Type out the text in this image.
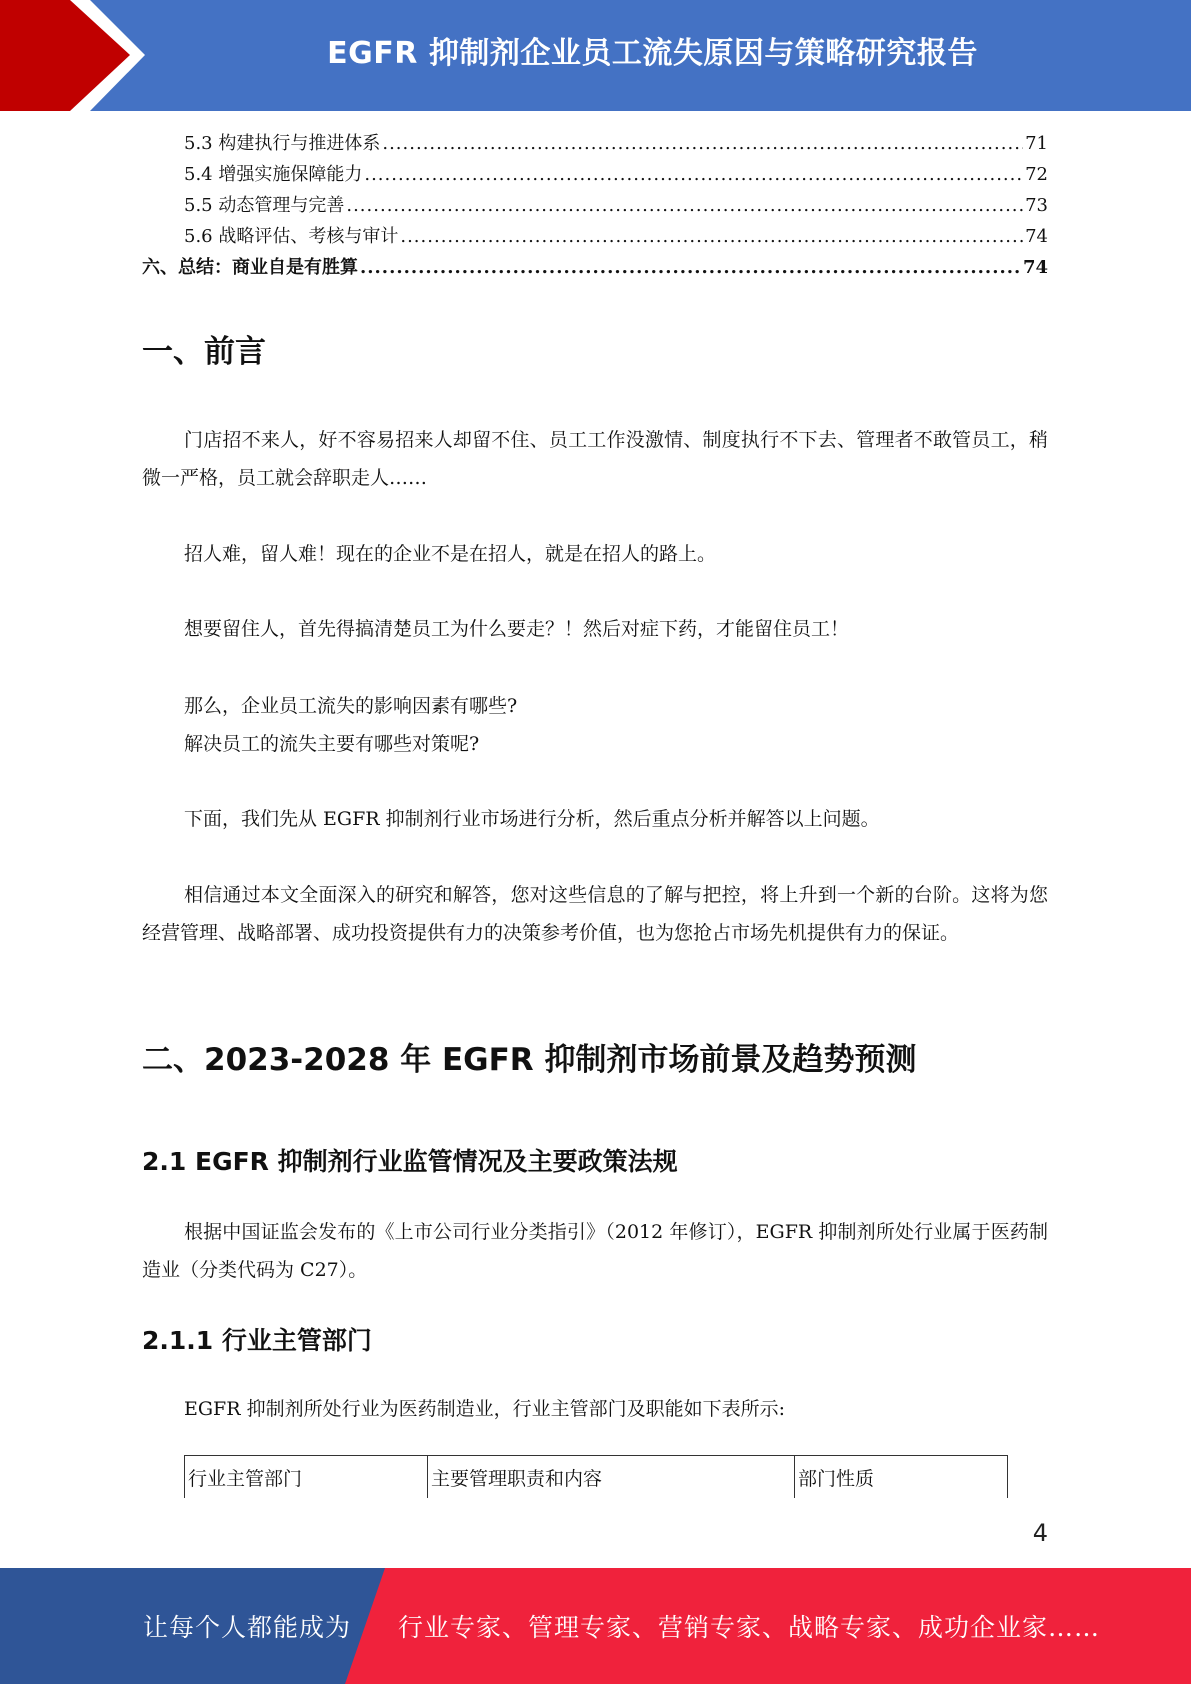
EGFR 抑制剂企业员工流失原因与策略研究报告
5.3 构建执行与推进体系 .....	71
5.4 增强实施保障能力 .....	72
5.5 动态管理与完善 .....	73
5.6 战略评估、考核与审计 .....	74
六、总结：商业自是有胜算 .....	74
一、前言

门店招不来人，好不容易招来人却留不住、员工工作没激情、制度执行不下去、管理者不敢管员工，稍微一严格，员工就会辞职走人……

招人难，留人难！现在的企业不是在招人，就是在招人的路上。

想要留住人，首先得搞清楚员工为什么要走？！然后对症下药，才能留住员工！

那么，企业员工流失的影响因素有哪些?

解决员工的流失主要有哪些对策呢?

下面，我们先从 EGFR 抑制剂行业市场进行分析，然后重点分析并解答以上问题。

相信通过本文全面深入的研究和解答，您对这些信息的了解与把控，将上升到一个新的台阶。这将为您经营管理、战略部署、成功投资提供有力的决策参考价值，也为您抢占市场先机提供有力的保证。

二、2023-2028 年 EGFR 抑制剂市场前景及趋势预测
2.1 EGFR 抑制剂行业监管情况及主要政策法规

根据中国证监会发布的《上市公司行业分类指引》（2012 年修订），EGFR 抑制剂所处行业属于医药制造业（分类代码为 C27）。

2.1.1 行业主管部门

EGFR 抑制剂所处行业为医药制造业，行业主管部门及职能如下表所示:

行业主管部门	主要管理职责和内容	部门性质
4
让每个人都能成为 行业专家、管理专家、营销专家、战略专家、成功企业家……
